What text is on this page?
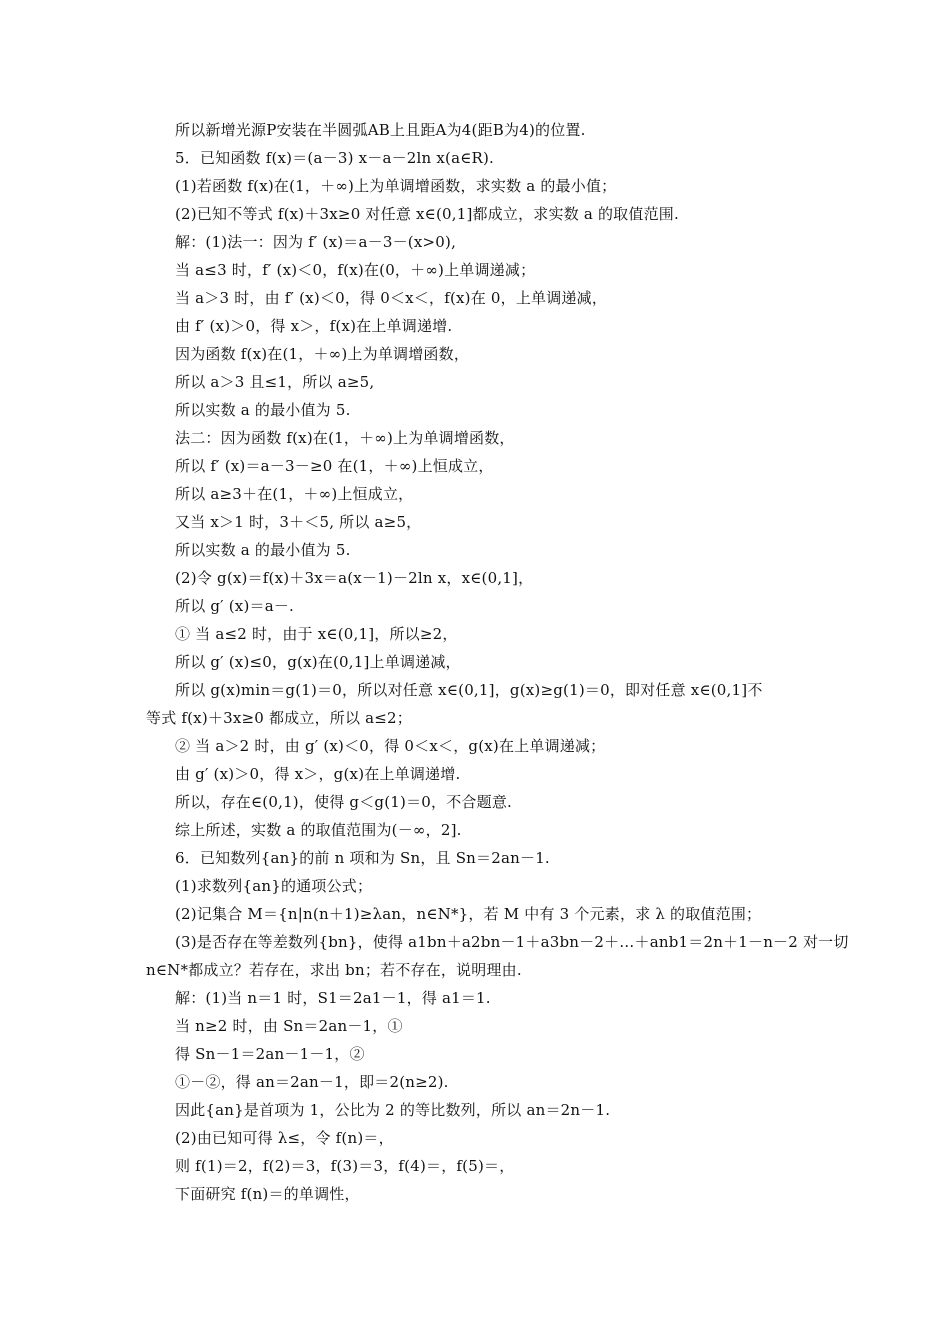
所以新增光源P安装在半圆弧AB上且距A为4(距B为4)的位置.
5．已知函数 f(x)＝(a－3) x－a－2ln x(a∈R).
(1)若函数 f(x)在(1，＋∞)上为单调增函数，求实数 a 的最小值；
(2)已知不等式 f(x)＋3x≥0 对任意 x∈(0,1]都成立，求实数 a 的取值范围.
解：(1)法一：因为 f′ (x)＝a－3－(x>0),
当 a≤3 时，f′ (x)＜0，f(x)在(0，＋∞)上单调递减；
当 a＞3 时，由 f′ (x)＜0，得 0＜x＜，f(x)在 0，上单调递减，
由 f′ (x)＞0，得 x＞，f(x)在上单调递增.
因为函数 f(x)在(1，＋∞)上为单调增函数，
所以 a＞3 且≤1，所以 a≥5,
所以实数 a 的最小值为 5.
法二：因为函数 f(x)在(1，＋∞)上为单调增函数，
所以 f′ (x)＝a－3－≥0 在(1，＋∞)上恒成立，
所以 a≥3＋在(1，＋∞)上恒成立，
又当 x＞1 时，3＋＜5, 所以 a≥5，
所以实数 a 的最小值为 5.
(2)令 g(x)＝f(x)＋3x＝a(x－1)－2ln x，x∈(0,1]，
所以 g′ (x)＝a－.
① 当 a≤2 时，由于 x∈(0,1]，所以≥2，
所以 g′ (x)≤0，g(x)在(0,1]上单调递减，
所以 g(x)min＝g(1)＝0，所以对任意 x∈(0,1]，g(x)≥g(1)＝0，即对任意 x∈(0,1]不
等式 f(x)＋3x≥0 都成立，所以 a≤2；
② 当 a＞2 时，由 g′ (x)＜0，得 0＜x＜，g(x)在上单调递减；
由 g′ (x)＞0，得 x＞，g(x)在上单调递增.
所以，存在∈(0,1)，使得 g＜g(1)＝0，不合题意.
综上所述，实数 a 的取值范围为(－∞，2].
6．已知数列{an}的前 n 项和为 Sn，且 Sn＝2an－1.
(1)求数列{an}的通项公式；
(2)记集合 M＝{n|n(n＋1)≥λan，n∈N*}，若 M 中有 3 个元素，求 λ 的取值范围；
(3)是否存在等差数列{bn}，使得 a1bn＋a2bn－1＋a3bn－2＋…＋anb1＝2n＋1－n－2 对一切
n∈N*都成立？若存在，求出 bn；若不存在，说明理由.
解：(1)当 n＝1 时，S1＝2a1－1，得 a1＝1.
当 n≥2 时，由 Sn＝2an－1，①
得 Sn－1＝2an－1－1，②
①－②，得 an＝2an－1，即＝2(n≥2).
因此{an}是首项为 1，公比为 2 的等比数列，所以 an＝2n－1.
(2)由已知可得 λ≤，令 f(n)＝，
则 f(1)＝2，f(2)＝3，f(3)＝3，f(4)＝，f(5)＝，
下面研究 f(n)＝的单调性，
